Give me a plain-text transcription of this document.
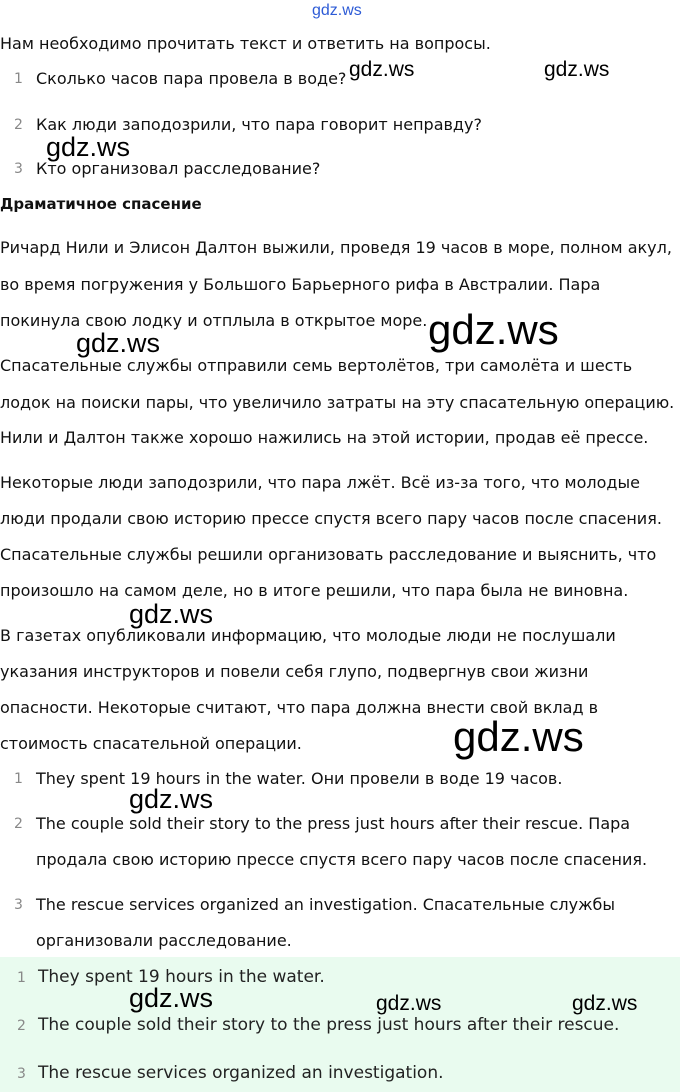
gdz.ws
Нам необходимо прочитать текст и ответить на вопросы.
1 Сколько часов пара провела в воде?
2 Как люди заподозрили, что пара говорит неправду?
3 Кто организовал расследование?
Драматичное спасение
Ричард Нили и Элисон Далтон выжили, проведя 19 часов в море, полном акул,
во время погружения у Большого Барьерного рифа в Австралии. Пара
покинула свою лодку и отплыла в открытое море.
Спасательные службы отправили семь вертолётов, три самолёта и шесть
лодок на поиски пары, что увеличило затраты на эту спасательную операцию.
Нили и Далтон также хорошо нажились на этой истории, продав её прессе.
Некоторые люди заподозрили, что пара лжёт. Всё из-за того, что молодые
люди продали свою историю прессе спустя всего пару часов после спасения.
Спасательные службы решили организовать расследование и выяснить, что
произошло на самом деле, но в итоге решили, что пара была не виновна.
В газетах опубликовали информацию, что молодые люди не послушали
указания инструкторов и повели себя глупо, подвергнув свои жизни
опасности. Некоторые считают, что пара должна внести свой вклад в
стоимость спасательной операции.
1 They spent 19 hours in the water. Они провели в воде 19 часов.
2 The couple sold their story to the press just hours after their rescue. Пара
продала свою историю прессе спустя всего пару часов после спасения.
3 The rescue services organized an investigation. Спасательные службы
организовали расследование.
1 They spent 19 hours in the water.
2 The couple sold their story to the press just hours after their rescue.
3 The rescue services organized an investigation.
gdz.ws	gdz.ws
gdz.ws
gdz.ws
gdz.ws
gdz.ws
gdz.ws
gdz.ws
gdz.ws	gdz.ws	gdz.ws
